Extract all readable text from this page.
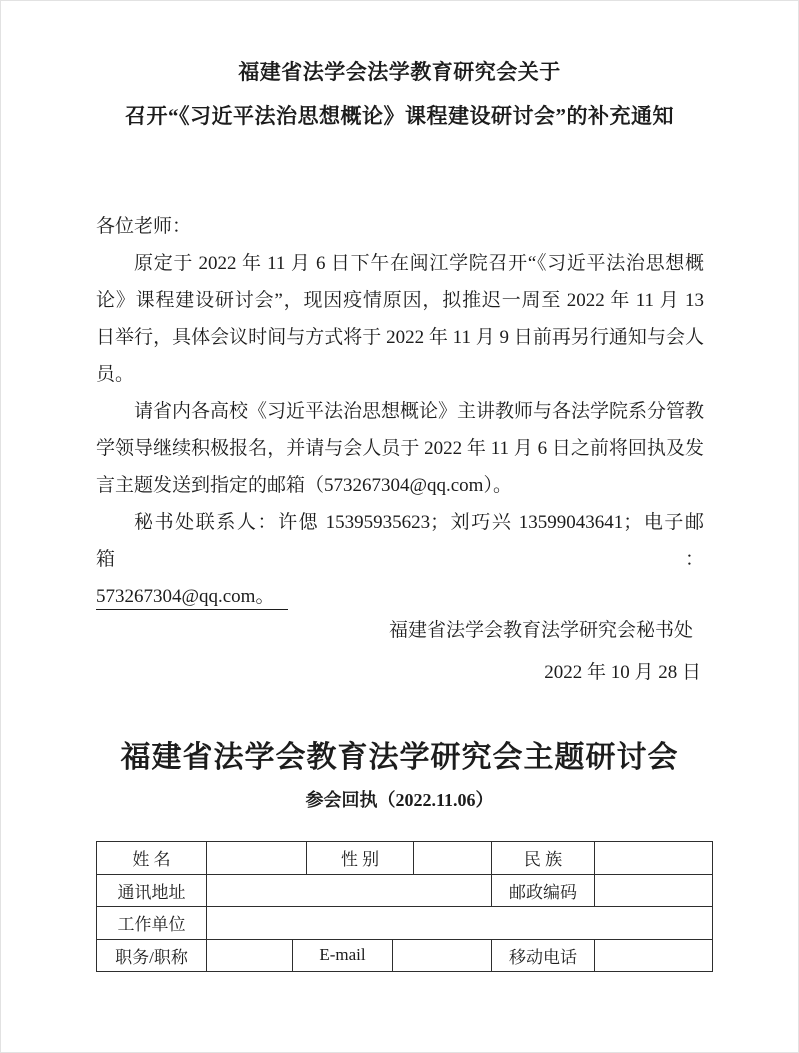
福建省法学会法学教育研究会关于
召开“《习近平法治思想概论》课程建设研讨会”的补充通知
各位老师：
原定于 2022 年 11 月 6 日下午在闽江学院召开“《习近平法治思想概
论》课程建设研讨会”，现因疫情原因，拟推迟一周至 2022 年 11 月 13
日举行，具体会议时间与方式将于 2022 年 11 月 9 日前再另行通知与会人
员。
请省内各高校《习近平法治思想概论》主讲教师与各法学院系分管教
学领导继续积极报名，并请与会人员于 2022 年 11 月 6 日之前将回执及发
言主题发送到指定的邮箱（573267304@qq.com）。
秘书处联系人：许偲 15395935623；刘巧兴 13599043641；电子邮箱：
573267304@qq.com。
福建省法学会教育法学研究会秘书处
2022 年 10 月 28 日
福建省法学会教育法学研究会主题研讨会
参会回执（2022.11.06）
姓 名	性 别	民 族
通讯地址	邮政编码
工作单位
职务/职称	E-mail	移动电话
